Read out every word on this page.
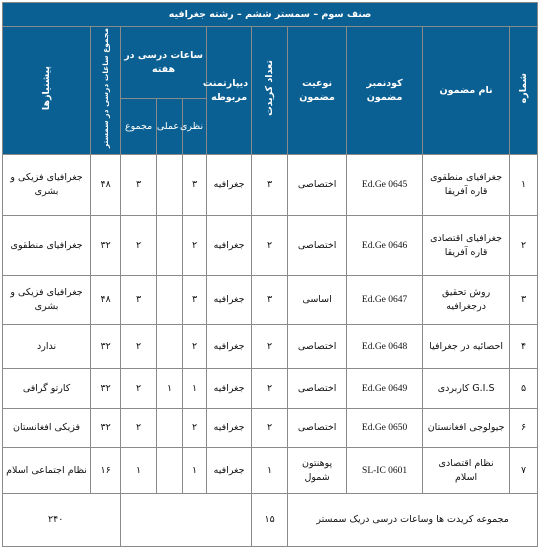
صنف سوم – سمستر ششم – رشته جغرافیه										
شماره	نام مضمون	کودنمبر مضمون	نوعیت مضمون	تعداد کریدت	دیپارتمنت مربوطه	ساعات درسی در هفته			مجموع ساعات درسی در سمستر	پیشنیازها
						نظری	عملی	مجموع		
۱	جغرافیای منطقوی قاره آفریقا	Ed.Ge 0645	اختصاصی	۳	جغرافیه	۳		۳	۴۸	جغرافیای فزیکی و بشری
۲	جغرافیای اقتصادی قاره آفریقا	Ed.Ge 0646	اختصاصی	۲	جغرافیه	۲		۲	۳۲	جغرافیای منطقوی
۳	روش تحقیق درجغرافیه	Ed.Ge 0647	اساسی	۳	جغرافیه	۳		۳	۴۸	جغرافیای فزیکی و بشری
۴	احصائیه در جغرافیا	Ed.Ge 0648	اختصاصی	۲	جغرافیه	۲		۲	۳۲	ندارد
۵	G.I.S کاربردی	Ed.Ge 0649	اختصاصی	۲	جغرافیه	۱	۱	۲	۳۲	کارتو گرافی
۶	جیولوجی افغانستان	Ed.Ge 0650	اختصاصی	۲	جغرافیه	۲		۲	۳۲	فزیکی افغانستان
۷	نظام اقتصادی اسلام	SL-IC 0601	پوهنتون شمول	۱	جغرافیه	۱		۱	۱۶	نظام اجتماعی اسلام
مجموعه کریدت ها وساعات درسی دریک سمستر				۱۵					۲۴۰	
